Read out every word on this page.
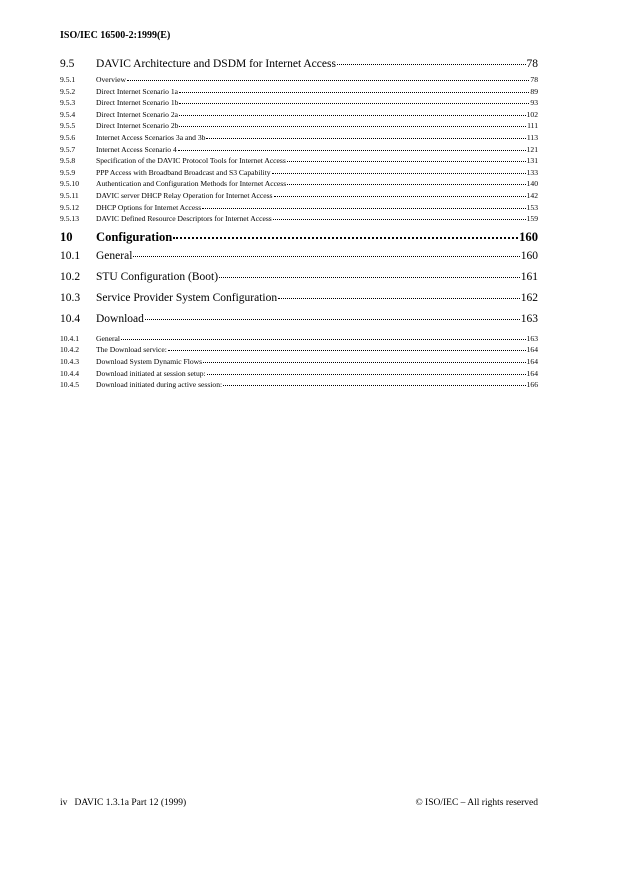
ISO/IEC 16500-2:1999(E)
9.5	DAVIC Architecture and DSDM for Internet Access	78
9.5.1	Overview	78
9.5.2	Direct Internet Scenario 1a	89
9.5.3	Direct Internet Scenario 1b	93
9.5.4	Direct Internet Scenario 2a	102
9.5.5	Direct Internet Scenario 2b	111
9.5.6	Internet Access Scenarios 3a and 3b	113
9.5.7	Internet Access Scenario 4	121
9.5.8	Specification of the DAVIC Protocol Tools for Internet Access	131
9.5.9	PPP Access with Broadband Broadcast and S3 Capability	133
9.5.10	Authentication and Configuration Methods for Internet Access	140
9.5.11	DAVIC server DHCP Relay Operation for Internet Access	142
9.5.12	DHCP Options for Internet Access	153
9.5.13	DAVIC Defined Resource Descriptors for Internet Access	159
10	Configuration	160
10.1	General	160
10.2	STU Configuration (Boot)	161
10.3	Service Provider System Configuration	162
10.4	Download	163
10.4.1	General	163
10.4.2	The Download service:	164
10.4.3	Download System Dynamic Flows	164
10.4.4	Download initiated at session setup:	164
10.4.5	Download initiated during active session:	166
iv DAVIC 1.3.1a Part 12 (1999)	© ISO/IEC – All rights reserved
